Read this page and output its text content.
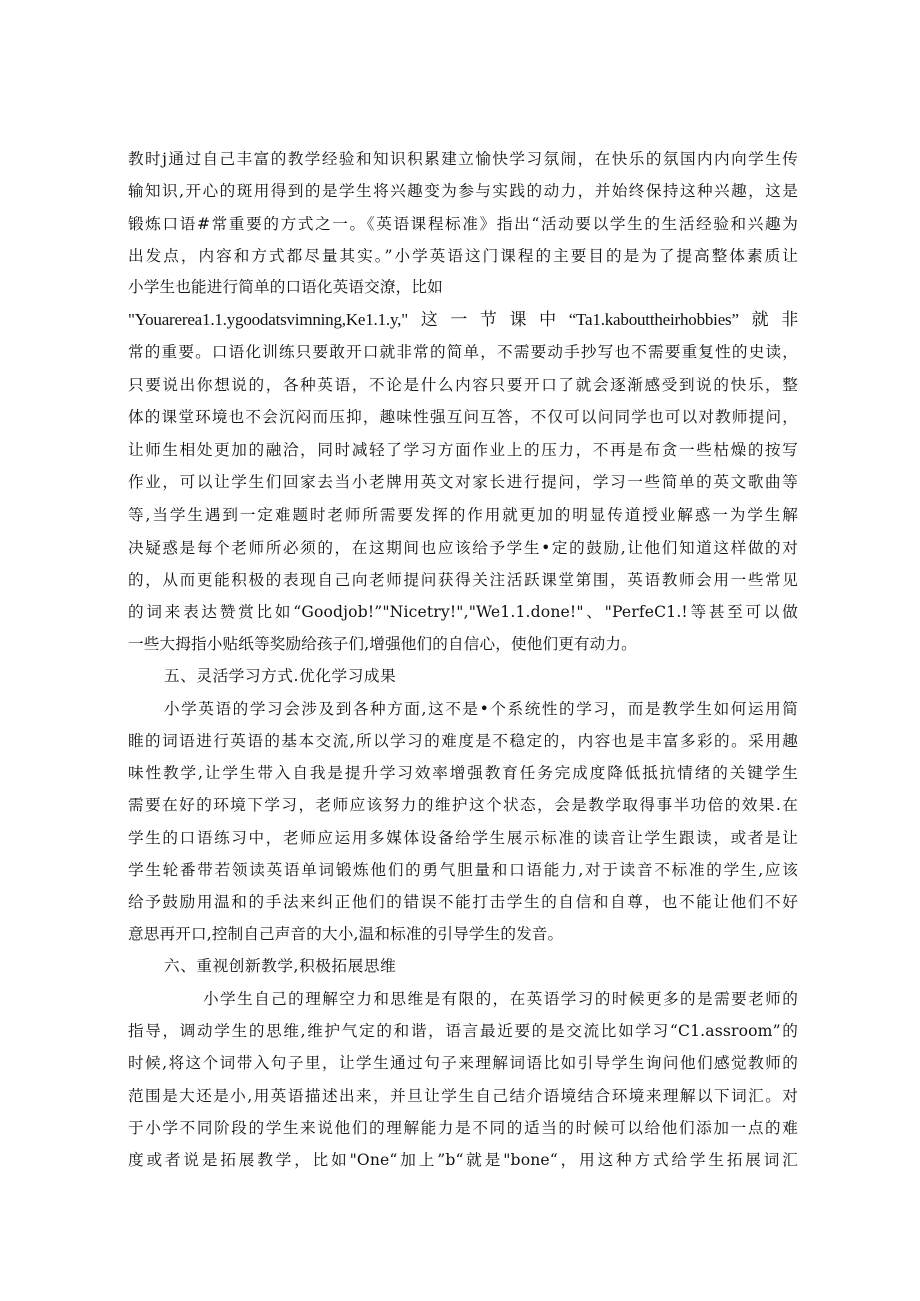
教时j通过自己丰富的教学经验和知识积累建立愉快学习氛闹，在快乐的氛国内内向学生传
输知识,开心的斑用得到的是学生将兴趣变为参与实践的动力，并始终保持这种兴趣，这是
锻炼口语#常重要的方式之一。《英语课程标准》指出“活动要以学生的生活经验和兴趣为
出发点，内容和方式都尽量其实。”小学英语这门课程的主要目的是为了提高整体素质让
小学生也能进行简单的口语化英语交潦，比如
"Youarerea1.1.ygoodatsvimning,Ke1.1.y,"这一节课中“Ta1.kabouttheirhobbies”就非
常的重要。口语化训练只要敢开口就非常的简单，不需要动手抄写也不需要重复性的史读，
只要说出你想说的，各种英语，不论是什么内容只要开口了就会逐渐感受到说的快乐，整
体的课堂环境也不会沉闷而压抑，趣味性强互问互答，不仅可以问同学也可以对教师提问，
让师生相处更加的融洽，同时减轻了学习方面作业上的压力，不再是布贪一些枯燥的按写
作业，可以让学生们回家去当小老牌用英文对家长进行提问，学习一些简单的英文歌曲等
等,当学生遇到一定难题时老师所需要发挥的作用就更加的明显传道授业解惑一为学生解
决疑惑是每个老师所必须的，在这期间也应该给予学生•定的鼓励,让他们知道这样做的对
的，从而更能积极的表现自己向老师提问获得关注活跃课堂第围，英语教师会用一些常见
的词来表达赞赏比如“Goodjob!”"Nicetry!","We1.1.done!"、"PerfeC1.!等甚至可以做
一些大拇指小贴纸等奖励给孩子们,增强他们的自信心，使他们更有动力。
五、灵活学习方式.优化学习成果
小学英语的学习会涉及到各种方面,这不是•个系统性的学习，而是教学生如何运用简
睢的词语进行英语的基本交流,所以学习的难度是不稳定的，内容也是丰富多彩的。采用趣
味性教学,让学生带入自我是提升学习效率增强教育任务完成度降低抵抗情绪的关键学生
需要在好的环境下学习，老师应该努力的维护这个状态，会是教学取得事半功倍的效果.在
学生的口语练习中，老师应运用多媒体设备给学生展示标准的读音让学生跟读，或者是让
学生轮番带若领读英语单词锻炼他们的勇气胆量和口语能力,对于读音不标准的学生,应该
给予鼓励用温和的手法来纠正他们的错误不能打击学生的自信和自尊，也不能让他们不好
意思再开口,控制自己声音的大小,温和标准的引导学生的发音。
六、重视创新教学,积极拓展思维
小学生自己的理解空力和思维是有限的，在英语学习的时候更多的是需要老师的
指导，调动学生的思维,维护气定的和谐，语言最近要的是交流比如学习“C1.assroom”的
时候,将这个词带入句子里，让学生通过句子来理解词语比如引导学生询问他们感觉教师的
范围是大还是小,用英语描述出来，并旦让学生自己结介语境结合环境来理解以下词汇。对
于小学不同阶段的学生来说他们的理解能力是不同的适当的时候可以给他们添加一点的难
度或者说是拓展教学，比如"One“加上”b“就是"bone“，用这种方式给学生拓展词汇
